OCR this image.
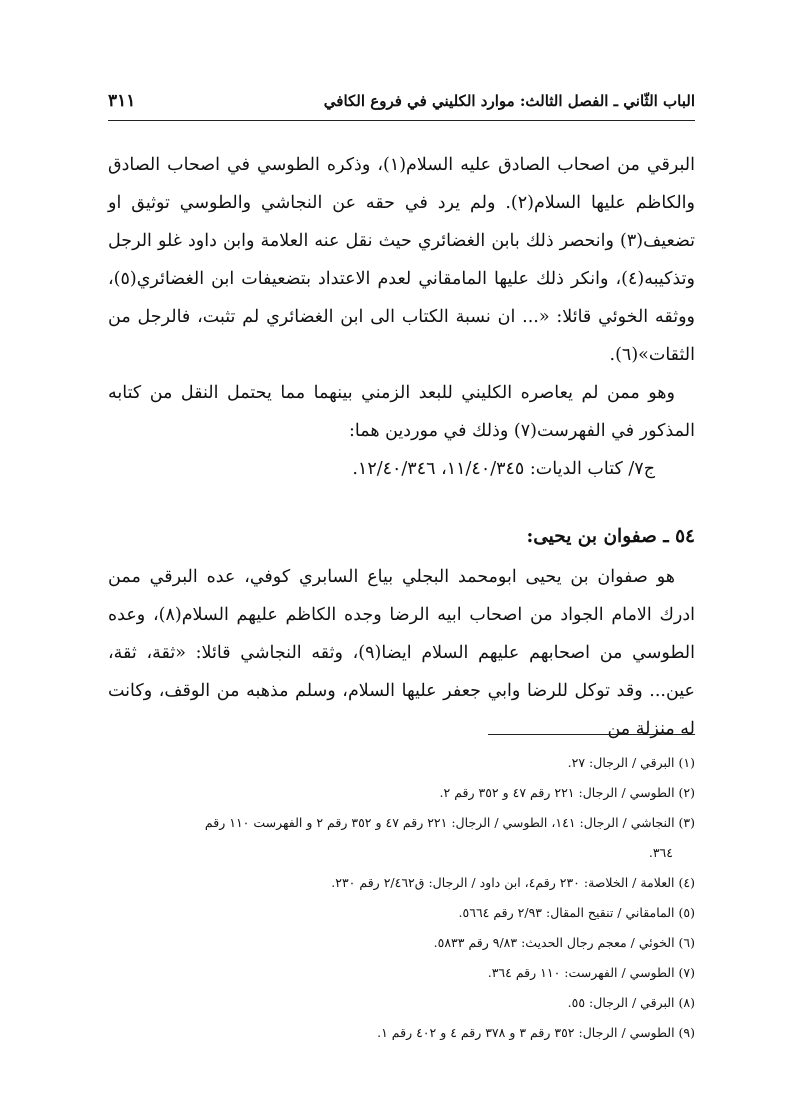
الباب الثّاني ـ الفصل الثالث: موارد الكليني في فروع الكافي
٣١١

البرقي من اصحاب الصادق عليه السلام(١)، وذكره الطوسي في اصحاب الصادق والكاظم عليها السلام(٢). ولم يرد في حقه عن النجاشي والطوسي توثيق او تضعيف(٣) وانحصر ذلك بابن الغضائري حيث نقل عنه العلامة وابن داود غلو الرجل وتذكيبه(٤)، وانكر ذلك عليها المامقاني لعدم الاعتداد بتضعيفات ابن الغضائري(٥)، ووثقه الخوئي قائلا: «... ان نسبة الكتاب الى ابن الغضائري لم تثبت، فالرجل من الثقات»(٦).

وهو ممن لم يعاصره الكليني للبعد الزمني بينهما مما يحتمل النقل من كتابه المذكور في الفهرست(٧) وذلك في موردين هما:

ج٧/ كتاب الديات: ١١/٤٠/٣٤٥، ١٢/٤٠/٣٤٦.

٥٤ ـ صفوان بن يحيى:

هو صفوان بن يحيى ابومحمد البجلي بياع السابري كوفي، عده البرقي ممن ادرك الامام الجواد من اصحاب ابيه الرضا وجده الكاظم عليهم السلام(٨)، وعده الطوسي من اصحابهم عليهم السلام ايضا(٩)، وثقه النجاشي قائلا: «ثقة، ثقة، عين... وقد توكل للرضا وابي جعفر عليها السلام، وسلم مذهبه من الوقف، وكانت له منزلة من

(١) البرقي / الرجال: ٢٧.

(٢) الطوسي / الرجال: ٢٢١ رقم ٤٧ و ٣٥٢ رقم ٢.

(٣) النجاشي / الرجال: ١٤١، الطوسي / الرجال: ٢٢١ رقم ٤٧ و ٣٥٢ رقم ٢ و الفهرست ١١٠ رقم

٣٦٤.

(٤) العلامة / الخلاصة: ٢٣٠ رقم٤، ابن داود / الرجال: ق٢/٤٦٢ رقم ٢٣٠.

(٥) المامقاني / تنقيح المقال: ٢/٩٣ رقم ٥٦٦٤.

(٦) الخوئي / معجم رجال الحديث: ٩/٨٣ رقم ٥٨٣٣.

(٧) الطوسي / الفهرست: ١١٠ رقم ٣٦٤.

(٨) البرقي / الرجال: ٥٥.

(٩) الطوسي / الرجال: ٣٥٢ رقم ٣ و ٣٧٨ رقم ٤ و ٤٠٢ رقم ١.
